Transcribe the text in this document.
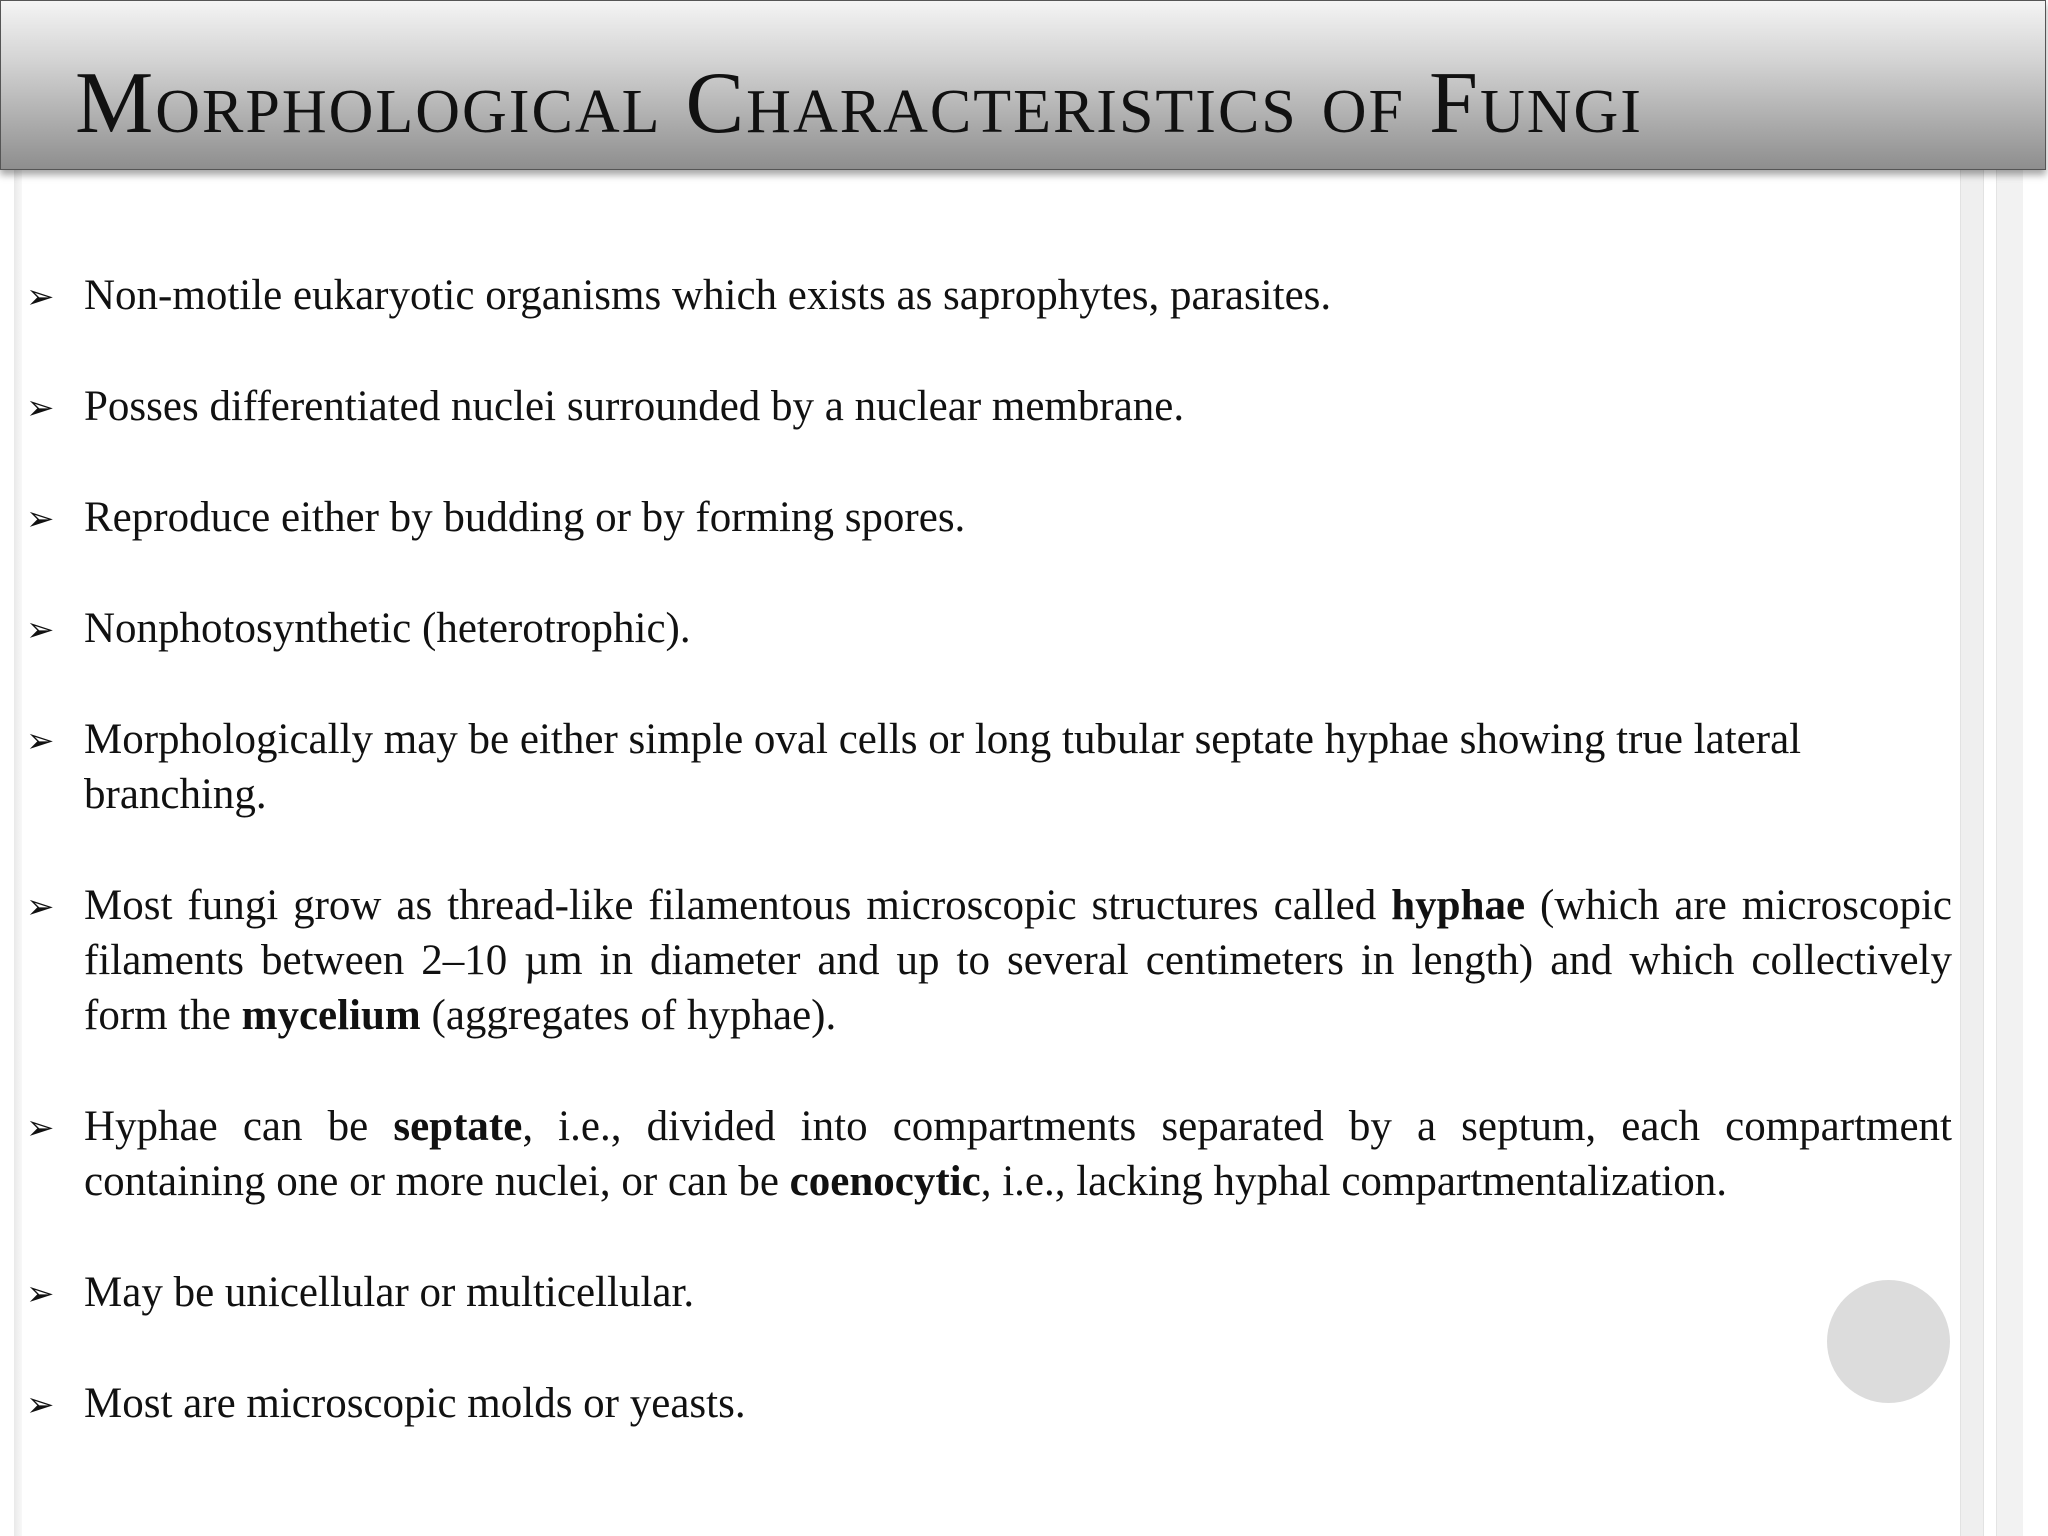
Morphological Characteristics of Fungi
➢ Non-motile eukaryotic organisms which exists as saprophytes, parasites.
➢ Posses differentiated nuclei surrounded by a nuclear membrane.
➢ Reproduce either by budding or by forming spores.
➢ Nonphotosynthetic (heterotrophic).
➢ Morphologically may be either simple oval cells or long tubular septate hyphae showing true lateral branching.
➢ Most fungi grow as thread-like filamentous microscopic structures called hyphae (which are microscopic filaments between 2–10 µm in diameter and up to several centimeters in length) and which collectively form the mycelium (aggregates of hyphae).
➢ Hyphae can be septate, i.e., divided into compartments separated by a septum, each compartment containing one or more nuclei, or can be coenocytic, i.e., lacking hyphal compartmentalization.
➢ May be unicellular or multicellular.
➢ Most are microscopic molds or yeasts.
